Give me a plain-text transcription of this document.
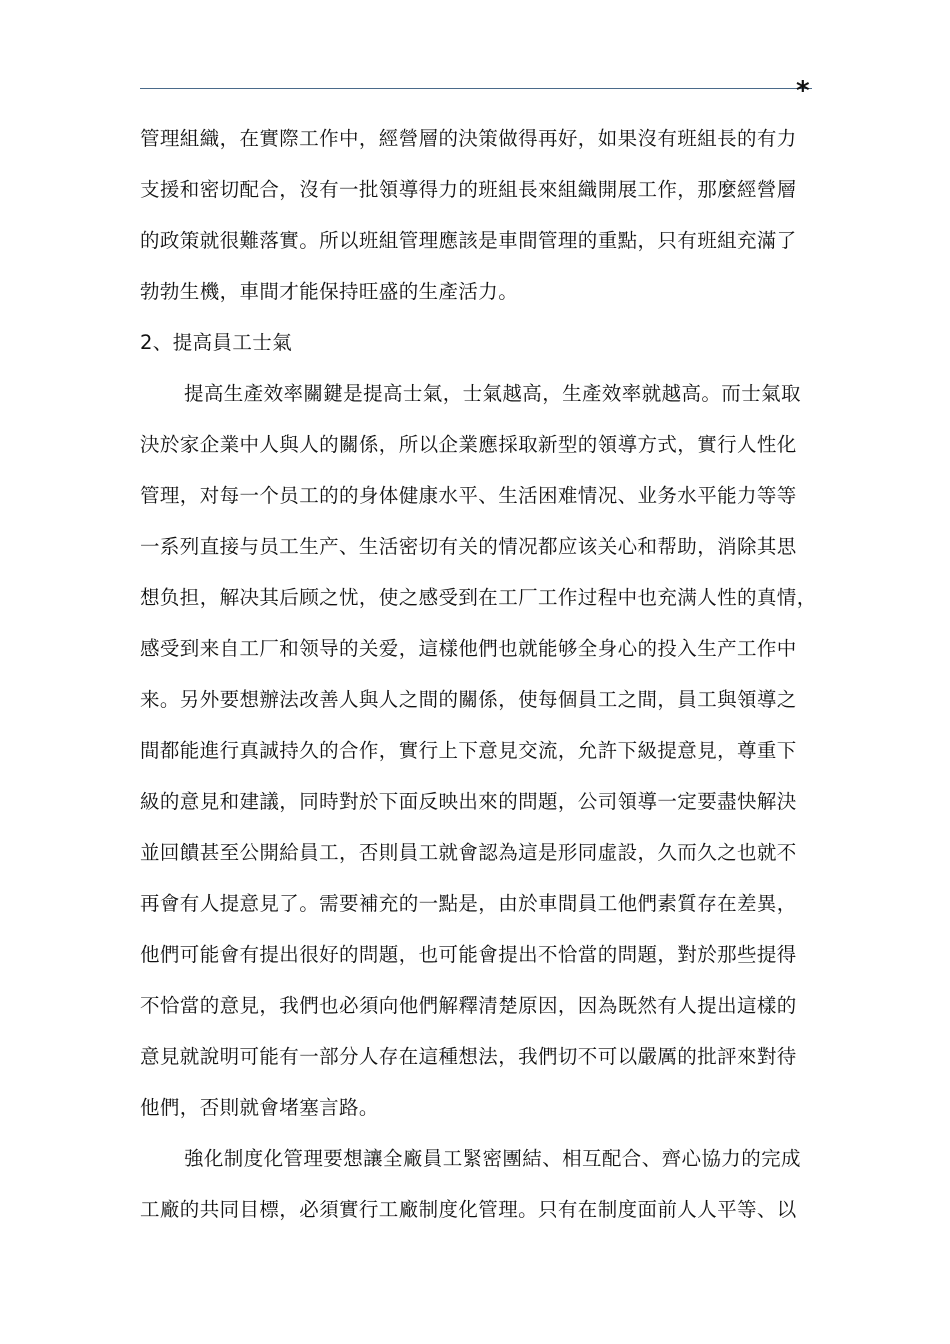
*
管理組織，在實際工作中，經營層的決策做得再好，如果沒有班組長的有力
支援和密切配合，沒有一批領導得力的班組長來組織開展工作，那麼經營層
的政策就很難落實。所以班組管理應該是車間管理的重點，只有班組充滿了
勃勃生機，車間才能保持旺盛的生產活力。
2、提高員工士氣
提高生產效率關鍵是提高士氣，士氣越高，生產效率就越高。而士氣取
決於家企業中人與人的關係，所以企業應採取新型的領導方式，實行人性化
管理，对每一个员工的的身体健康水平、生活困难情况、业务水平能力等等
一系列直接与员工生产、生活密切有关的情况都应该关心和帮助，消除其思
想负担，解决其后顾之忧，使之感受到在工厂工作过程中也充满人性的真情，
感受到来自工厂和领导的关爱，這樣他們也就能够全身心的投入生产工作中
来。另外要想辦法改善人與人之間的關係，使每個員工之間，員工與領導之
間都能進行真誠持久的合作，實行上下意見交流，允許下級提意見，尊重下
級的意見和建議，同時對於下面反映出來的問題，公司領導一定要盡快解決
並回饋甚至公開給員工，否則員工就會認為這是形同虛設，久而久之也就不
再會有人提意見了。需要補充的一點是，由於車間員工他們素質存在差異，
他們可能會有提出很好的問題，也可能會提出不恰當的問題，對於那些提得
不恰當的意見，我們也必須向他們解釋清楚原因，因為既然有人提出這樣的
意見就說明可能有一部分人存在這種想法，我們切不可以嚴厲的批評來對待
他們，否則就會堵塞言路。
強化制度化管理要想讓全廠員工緊密團結、相互配合、齊心協力的完成
工廠的共同目標，必須實行工廠制度化管理。只有在制度面前人人平等、以
